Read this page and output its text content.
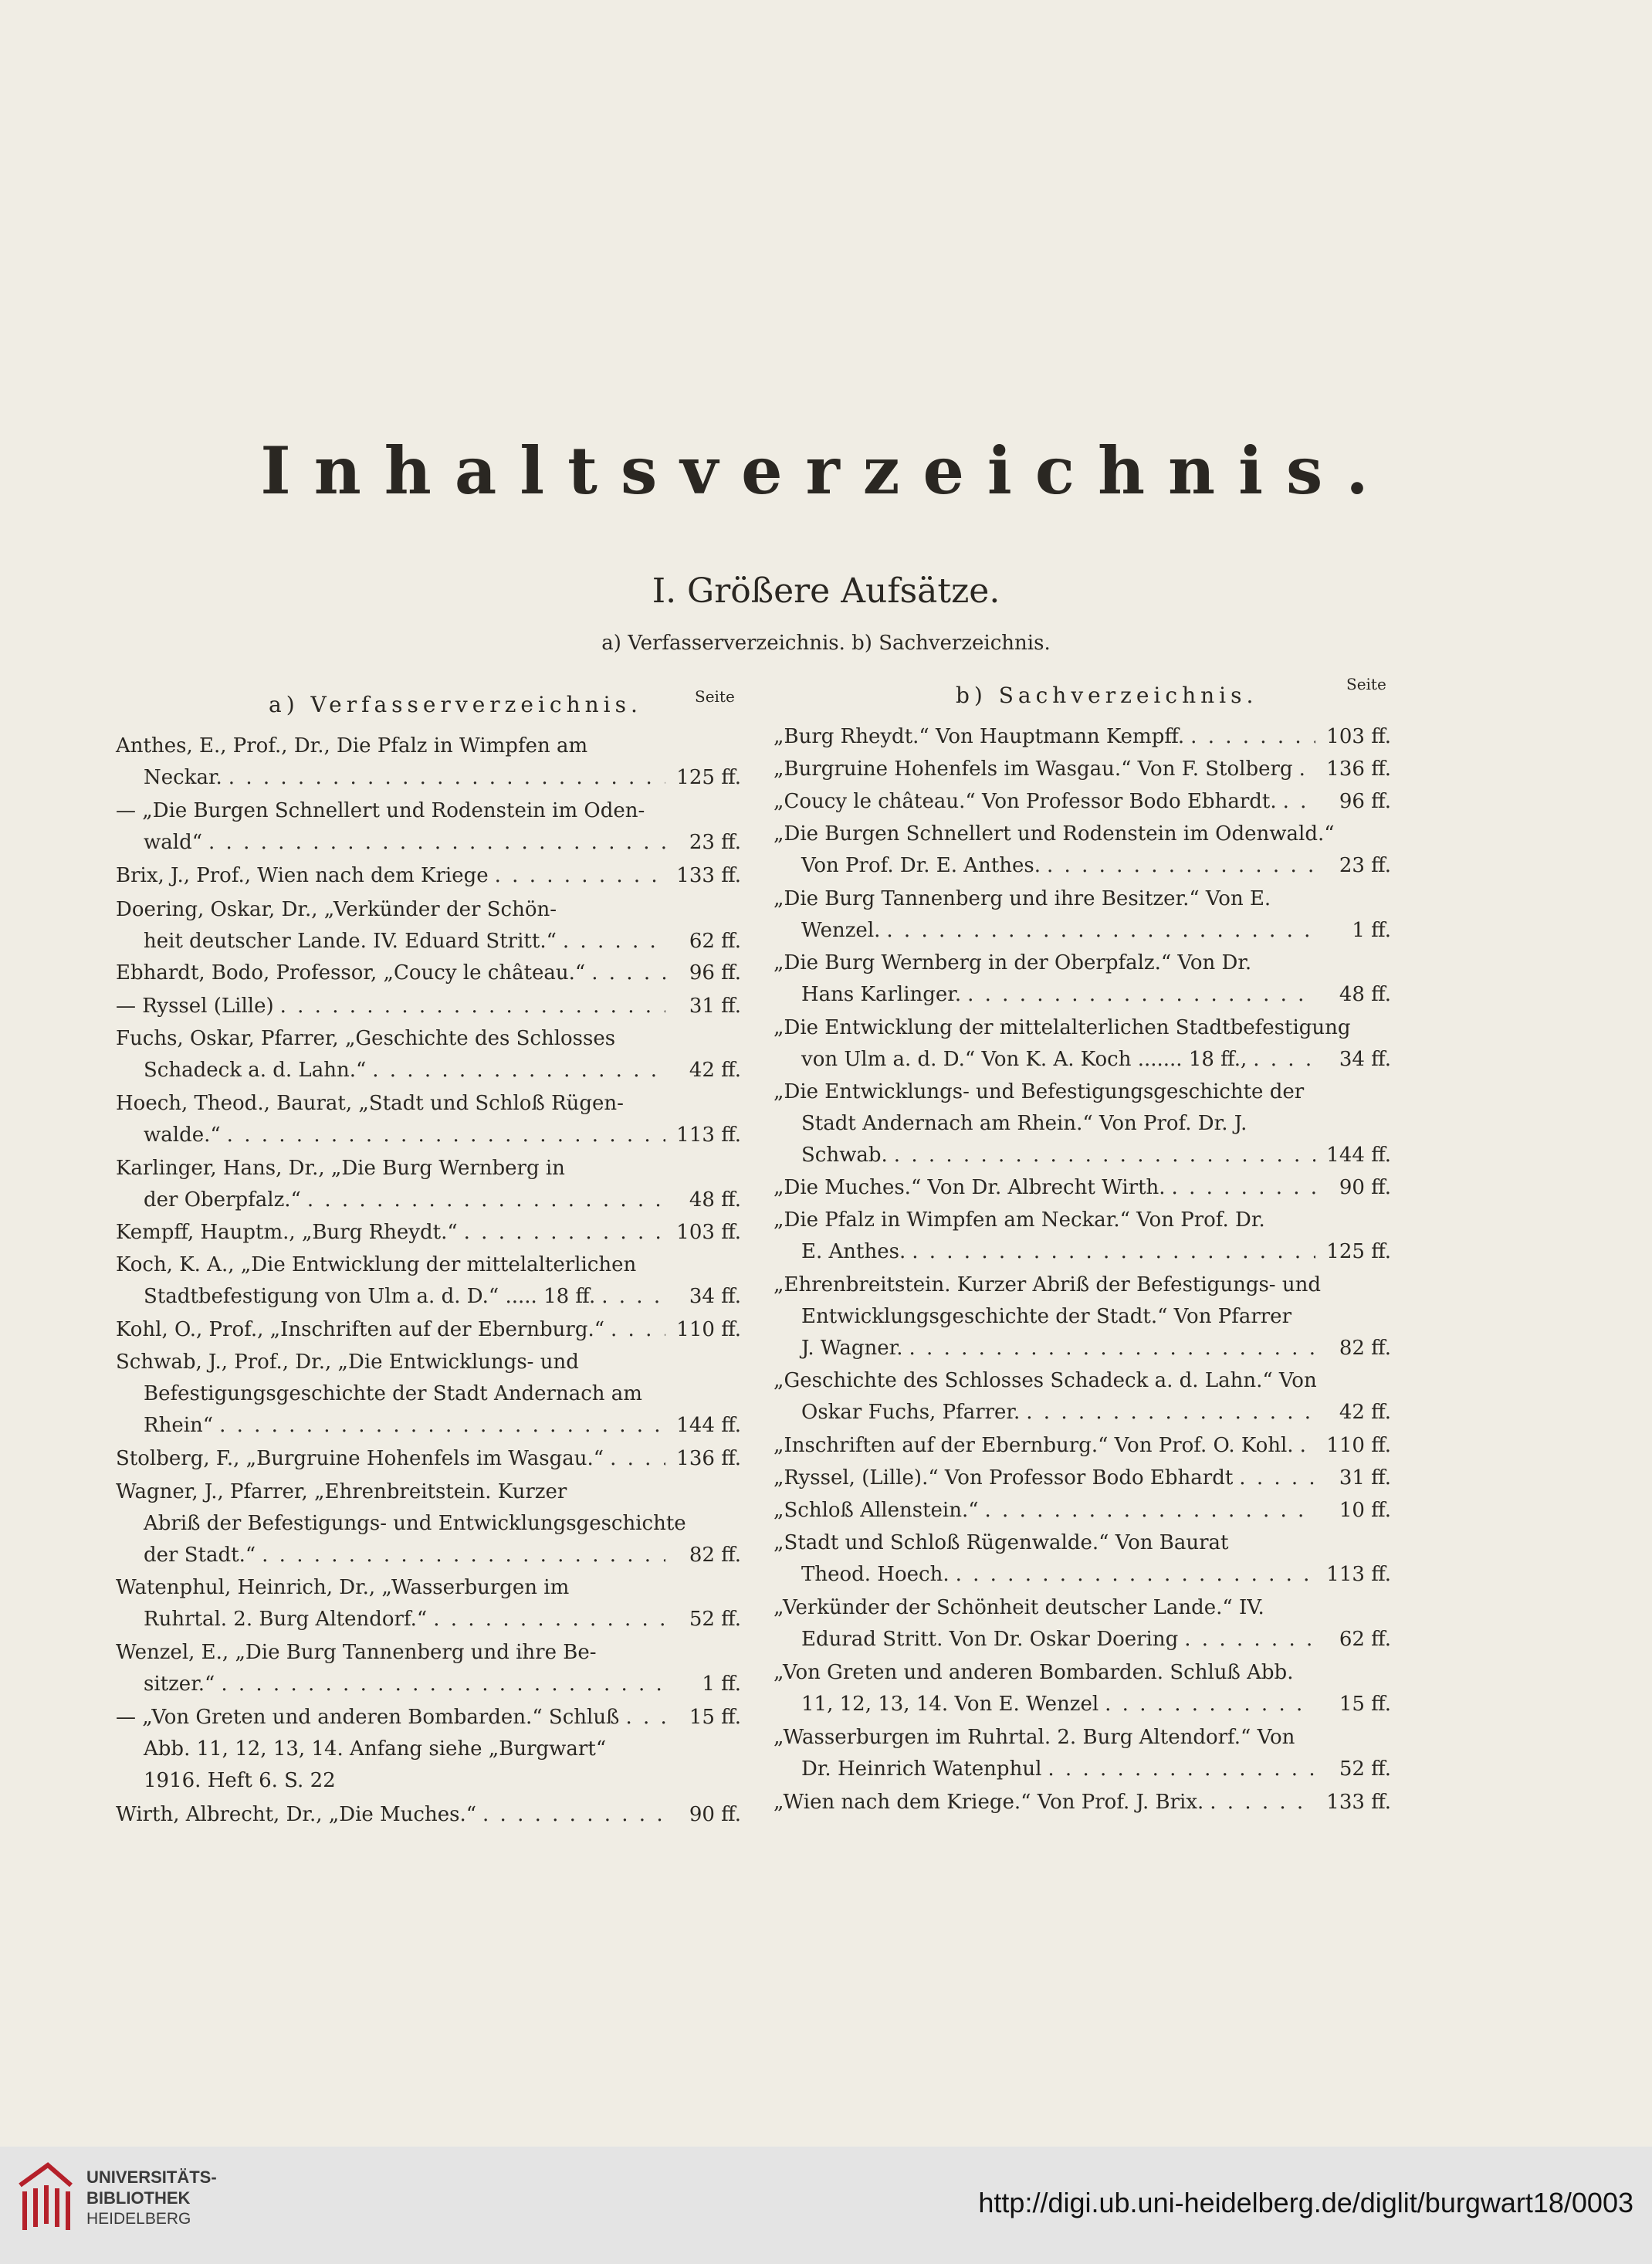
Inhaltsverzeichnis.
I. Größere Aufsätze.
a) Verfasserverzeichnis. b) Sachverzeichnis.
a) Verfasserverzeichnis.	Seite	b) Sachverzeichnis.	Seite
Anthes, E., Prof., Dr., Die Pfalz in Wimpfen am
Neckar. . . .	125 ff.
— „Die Burgen Schnellert und Rodenstein im Oden-
wald“ . . .	23 ff.
Brix, J., Prof., Wien nach dem Kriege . . .	133 ff.
Doering, Oskar, Dr., „Verkünder der Schön-
heit deutscher Lande. IV. Eduard Stritt.“ . . .	62 ff.
Ebhardt, Bodo, Professor, „Coucy le château.“ . . .	96 ff.
— Ryssel (Lille) . . .	31 ff.
Fuchs, Oskar, Pfarrer, „Geschichte des Schlosses
Schadeck a. d. Lahn.“ . . .	42 ff.
Hoech, Theod., Baurat, „Stadt und Schloß Rügen-
walde.“ . . .	113 ff.
Karlinger, Hans, Dr., „Die Burg Wernberg in
der Oberpfalz.“ . . .	48 ff.
Kempff, Hauptm., „Burg Rheydt.“ . . .	103 ff.
Koch, K. A., „Die Entwicklung der mittelalterlichen
Stadtbefestigung von Ulm a. d. D.“ ..... 18 ff. . . .	34 ff.
Kohl, O., Prof., „Inschriften auf der Ebernburg.“ . . .	110 ff.
Schwab, J., Prof., Dr., „Die Entwicklungs- und
Befestigungsgeschichte der Stadt Andernach am
Rhein“ . . .	144 ff.
Stolberg, F., „Burgruine Hohenfels im Wasgau.“ . . .	136 ff.
Wagner, J., Pfarrer, „Ehrenbreitstein. Kurzer
Abriß der Befestigungs- und Entwicklungsgeschichte
der Stadt.“ . . .	82 ff.
Watenphul, Heinrich, Dr., „Wasserburgen im
Ruhrtal. 2. Burg Altendorf.“ . . .	52 ff.
Wenzel, E., „Die Burg Tannenberg und ihre Be-
sitzer.“ . . .	1 ff.
— „Von Greten und anderen Bombarden.“ Schluß . . .	15 ff.
Abb. 11, 12, 13, 14. Anfang siehe „Burgwart“
1916. Heft 6. S. 22
Wirth, Albrecht, Dr., „Die Muches.“ . . .	90 ff.
„Burg Rheydt.“ Von Hauptmann Kempff. . . .	103 ff.
„Burgruine Hohenfels im Wasgau.“ Von F. Stolberg . . . 136 ff.
„Coucy le château.“ Von Professor Bodo Ebhardt. . . .	96 ff.
„Die Burgen Schnellert und Rodenstein im Odenwald.“
Von Prof. Dr. E. Anthes. . . .	23 ff.
„Die Burg Tannenberg und ihre Besitzer.“ Von E.
Wenzel. . . .	1 ff.
„Die Burg Wernberg in der Oberpfalz.“ Von Dr.
Hans Karlinger. . . .	48 ff.
„Die Entwicklung der mittelalterlichen Stadtbefestigung
von Ulm a. d. D.“ Von K. A. Koch ....... 18 ff., . . .	34 ff.
„Die Entwicklungs- und Befestigungsgeschichte der
Stadt Andernach am Rhein.“ Von Prof. Dr. J.
Schwab. . . .	144 ff.
„Die Muches.“ Von Dr. Albrecht Wirth. . . .	90 ff.
„Die Pfalz in Wimpfen am Neckar.“ Von Prof. Dr.
E. Anthes. . . .	125 ff.
„Ehrenbreitstein. Kurzer Abriß der Befestigungs- und
Entwicklungsgeschichte der Stadt.“ Von Pfarrer
J. Wagner. . . .	82 ff.
„Geschichte des Schlosses Schadeck a. d. Lahn.“ Von
Oskar Fuchs, Pfarrer. . . .	42 ff.
„Inschriften auf der Ebernburg.“ Von Prof. O. Kohl. . . . 110 ff.
„Ryssel, (Lille).“ Von Professor Bodo Ebhardt . . .	31 ff.
„Schloß Allenstein.“ . . .	10 ff.
„Stadt und Schloß Rügenwalde.“ Von Baurat
Theod. Hoech. . . .	113 ff.
„Verkünder der Schönheit deutscher Lande.“ IV.
Edurad Stritt. Von Dr. Oskar Doering . . .	62 ff.
„Von Greten und anderen Bombarden. Schluß Abb.
11, 12, 13, 14. Von E. Wenzel . . .	15 ff.
„Wasserburgen im Ruhrtal. 2. Burg Altendorf.“ Von
Dr. Heinrich Watenphul . . .	52 ff.
„Wien nach dem Kriege.“ Von Prof. J. Brix. . . .	133 ff.
UNIVERSITÄTS-
BIBLIOTHEK
HEIDELBERG
http://digi.ub.uni-heidelberg.de/diglit/burgwart18/0003
